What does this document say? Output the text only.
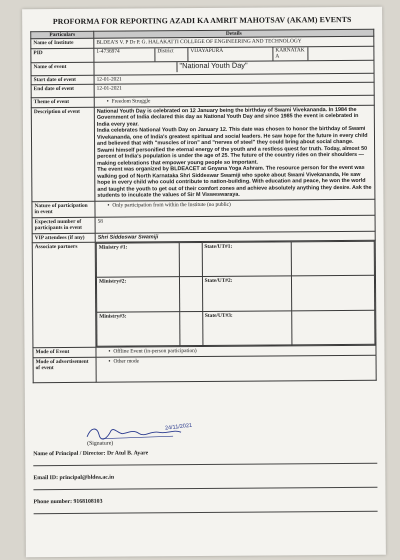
PROFORMA FOR REPORTING AZADI KA AMRIT MAHOTSAV (AKAM) EVENTS
Particulars	Details
Name of Institute	BLDEA'S V. P Dr P. G. HALAKATTI COLLEGE OF ENGINEERING AND TECHNOLOGY
PID	1-4736974	District	VIJAYAPURA	KARNATAKA

Name of event	"National Youth Day"

Start date of event	12-01-2021
End date of event	12-01-2021
Theme of event	•Freedom Struggle
Description of event	National Youth Day is celebrated on 12 January being the birthday of Swami Vivekananda. In 1984 the Government of India declared this day as National Youth Day and since 1985 the event is celebrated in India every year.
India celebrates National Youth Day on January 12. This date was chosen to honor the birthday of Swami Vivekananda, one of India's greatest spiritual and social leaders. He saw hope for the future in every child and believed that with "muscles of iron" and "nerves of steel" they could bring about social change. Swami himself personified the eternal energy of the youth and a restless quest for truth. Today, almost 50 percent of India's population is under the age of 25. The future of the country rides on their shoulders — making celebrations that empower young people so important.
The event was organized by BLDEACET at Gnyana Yoga Ashram. The resource person for the event was walking god of North Karnataka Shri Siddeswar Swamiji who spoke about Swami Vivekananda, He saw hope in every child who could contribute to nation-building. With education and peace, he won the world and taught the youth to get out of their comfort zones and achieve absolutely anything they desire. Ask the students to inculcate the values of Sir M Visweswaraya.

Nature of participation in event	• Only participation from within the Institute (no public)
Expected number of participants in event	58
VIP attendees (if any)	Shri Siddeswar Swamiji
Associate partners		Ministry #1:		State/UT#1:	
Ministry#2:		State/UT#2:	
Ministry#3:		State/UT#3:	

Mode of Event	•Offline Event (in-person participation)
Mode of advertisement of event	• Other mode
24/11/2021
(Signature)
Name of Principal / Director: Dr Atul B. Ayare
Email ID: principal@bldea.ac.in
Phone number: 9168108103
